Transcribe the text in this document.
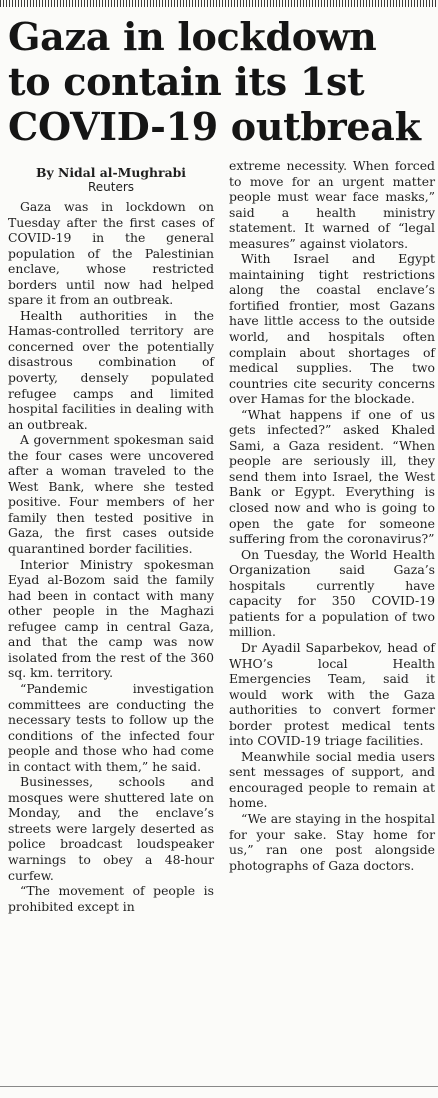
Gaza in lockdown
to contain its 1st
COVID-19 outbreak
By Nidal al-Mughrabi
Reuters

Gaza was in lockdown on Tuesday after the first cases of COVID-19 in the general population of the Palestinian enclave, whose restricted borders until now had helped spare it from an outbreak.

Health authorities in the Hamas-controlled territory are concerned over the potentially disastrous combination of poverty, densely populated refugee camps and limited hospital facilities in dealing with an outbreak.

A government spokesman said the four cases were uncovered after a woman traveled to the West Bank, where she tested positive. Four members of her family then tested positive in Gaza, the first cases outside quarantined border facilities.

Interior Ministry spokesman Eyad al-Bozom said the family had been in contact with many other people in the Maghazi refugee camp in central Gaza, and that the camp was now isolated from the rest of the 360 sq. km. territory.

“Pandemic investigation committees are conducting the necessary tests to follow up the conditions of the infected four people and those who had come in contact with them,” he said.

Businesses, schools and mosques were shuttered late on Monday, and the enclave’s streets were largely deserted as police broadcast loudspeaker warnings to obey a 48-hour curfew.

“The movement of people is prohibited except in

extreme necessity. When forced to move for an urgent matter people must wear face masks,” said a health ministry statement. It warned of “legal measures” against violators.

With Israel and Egypt maintaining tight restrictions along the coastal enclave’s fortified frontier, most Gazans have little access to the outside world, and hospitals often complain about shortages of medical supplies. The two countries cite security concerns over Hamas for the blockade.

“What happens if one of us gets infected?” asked Khaled Sami, a Gaza resident. “When people are seriously ill, they send them into Israel, the West Bank or Egypt. Everything is closed now and who is going to open the gate for someone suffering from the coronavirus?”

On Tuesday, the World Health Organization said Gaza’s hospitals currently have capacity for 350 COVID-19 patients for a population of two million.

Dr Ayadil Saparbekov, head of WHO’s local Health Emergencies Team, said it would work with the Gaza authorities to convert former border protest medical tents into COVID-19 triage facilities.

Meanwhile social media users sent messages of support, and encouraged people to remain at home.

“We are staying in the hospital for your sake. Stay home for us,” ran one post alongside photographs of Gaza doctors.
